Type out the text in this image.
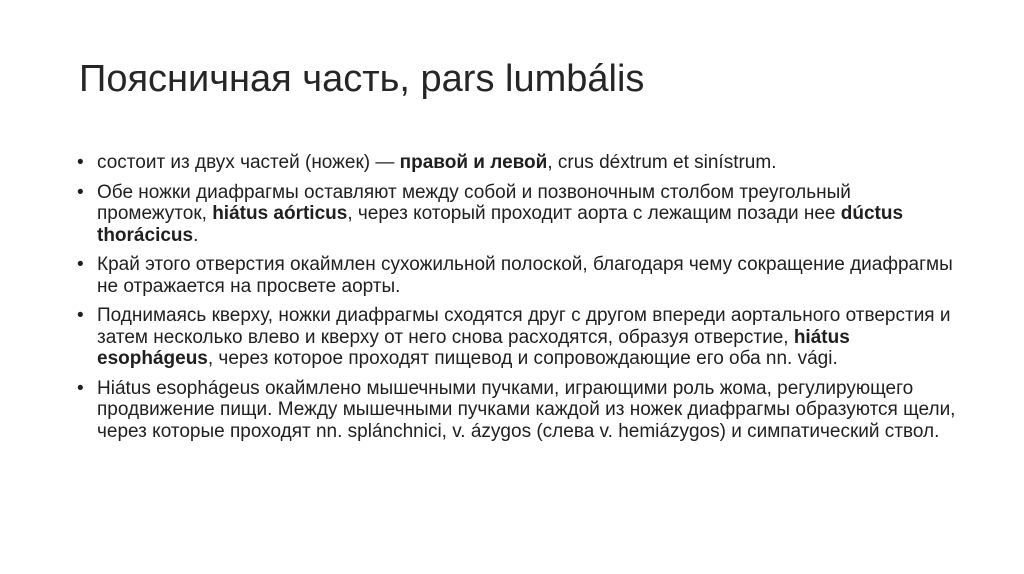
Поясничная часть, pars lumbális
• состоит из двух частей (ножек) — правой и левой, crus déxtrum et sinístrum.
• Обе ножки диафрагмы оставляют между собой и позвоночным столбом треугольный промежуток, hiátus aórticus, через который проходит аорта с лежащим позади нее dúctus thorácicus.
• Край этого отверстия окаймлен сухожильной полоской, благодаря чему сокращение диафрагмы не отражается на просвете аорты.
• Поднимаясь кверху, ножки диафрагмы сходятся друг с другом впереди аортального отверстия и затем несколько влево и кверху от него снова расходятся, образуя отверстие, hiátus esophágeus, через которое проходят пищевод и сопровождающие его оба nn. vági.
• Hiátus esophágeus окаймлено мышечными пучками, играющими роль жома, регулирующего продвижение пищи. Между мышечными пучками каждой из ножек диафрагмы образуются щели, через которые проходят nn. splánchnici, v. ázygos (слева v. hemiázygos) и симпатический ствол.
